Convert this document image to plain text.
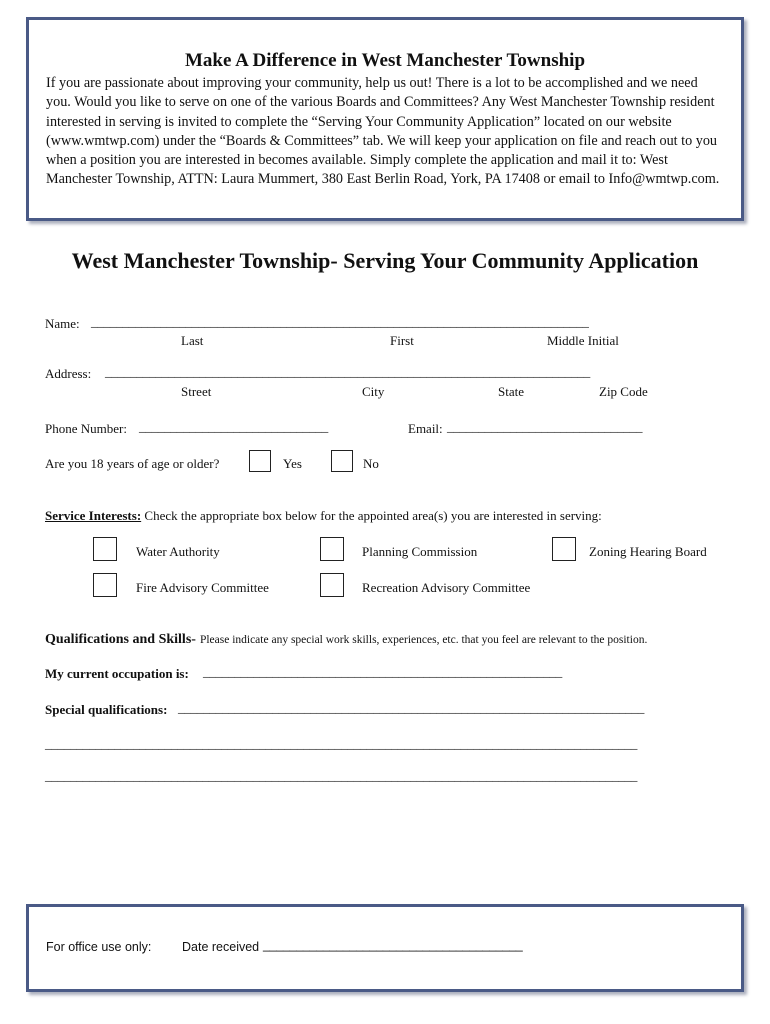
Make A Difference in West Manchester Township
If you are passionate about improving your community, help us out! There is a lot to be accomplished and we need you. Would you like to serve on one of the various Boards and Committees? Any West Manchester Township resident interested in serving is invited to complete the “Serving Your Community Application” located on our website (www.wmtwp.com) under the “Boards & Committees” tab. We will keep your application on file and reach out to you when a position you are interested in becomes available. Simply complete the application and mail it to: West Manchester Township, ATTN: Laura Mummert, 380 East Berlin Road, York, PA 17408 or email to Info@wmtwp.com.
West Manchester Township- Serving Your Community Application
Name: _______________________________________________________________________________
Last	First	Middle Initial
Address: _____________________________________________________________________________
Street	City	State	Zip Code
Phone Number: ______________________________	Email: _______________________________
Are you 18 years of age or older?	Yes	No
Service Interests: Check the appropriate box below for the appointed area(s) you are interested in serving:
Water Authority	Planning Commission	Zoning Hearing Board
Fire Advisory Committee	Recreation Advisory Committee
Qualifications and Skills- Please indicate any special work skills, experiences, etc. that you feel are relevant to the position.
My current occupation is: _________________________________________________________
Special qualifications: __________________________________________________________________________
______________________________________________________________________________________________
______________________________________________________________________________________________
For office use only: Date received _______________________________________
